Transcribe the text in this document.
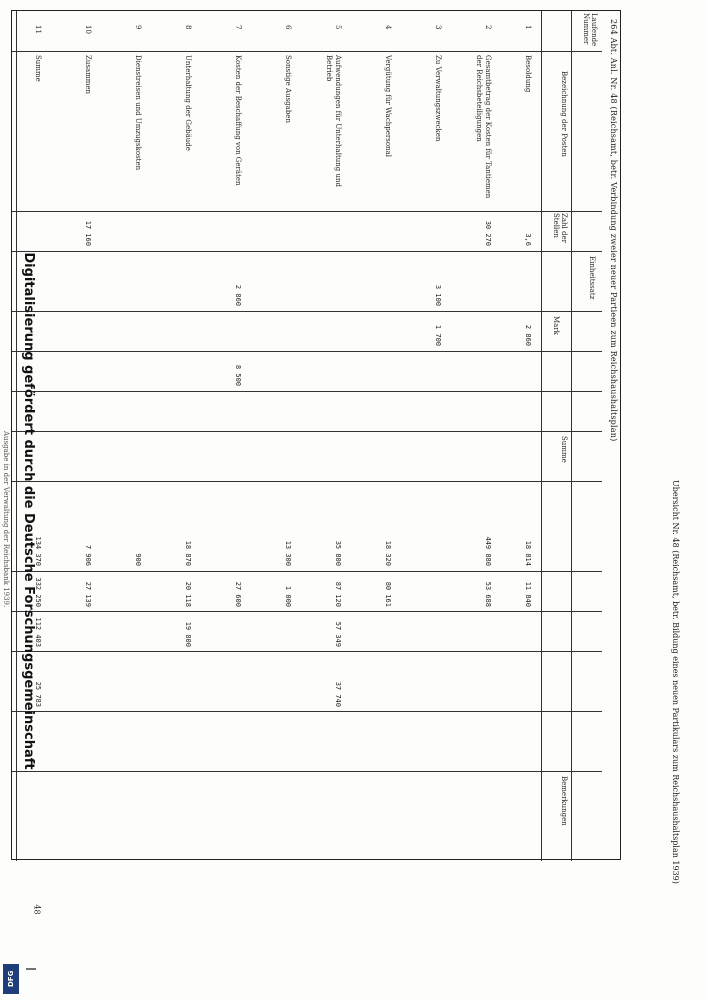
264 Abt. Anl. Nr. 48 (Reichsamt, betr. Verbindung zweier neuer Partieen zum Reichshaushaltsplan)
Laufende Nummer
Bezeichnung der Posten
Zahl der Stellen
Einheitssatz
Mark
Summe
Bemerkungen
1
Besoldung
3,6
2 860
18 814
11 840
2
Gesamtbetrag der Kosten für Tantiemen der Reichsbeteiligungen
30 270
449 880
53 688
3
Zu Verwaltungszwecken
3 100
1 700
4
Vergütung für Wachpersonal
18 320
80 161
5
Aufwendungen für Unterhaltung und Betrieb
35 800
87 120
57 349
37 740
6
Sonstige Ausgaben
13 300
1 000
7
Kosten der Beschaffung von Geräten
2 860
8 500
27 600
8
Unterhaltung der Gebäude
18 870
20 118
19 800
9
Dienstreisen und Umzugskosten
900
10
Zusammen
17 160
7 906
27 139
11
Summe
134 370
332 250
112 403
25 783
Ausgabe in der Verwaltung der Reichsbank 1939.	Übersicht Nr. 48 (Reichsamt, betr. Bildung eines neuen Partikulars zum Reichshaushaltsplan 1939)
Digitalisierung gefördert durch die Deutsche Forschungsgemeinschaft
48
DFG
